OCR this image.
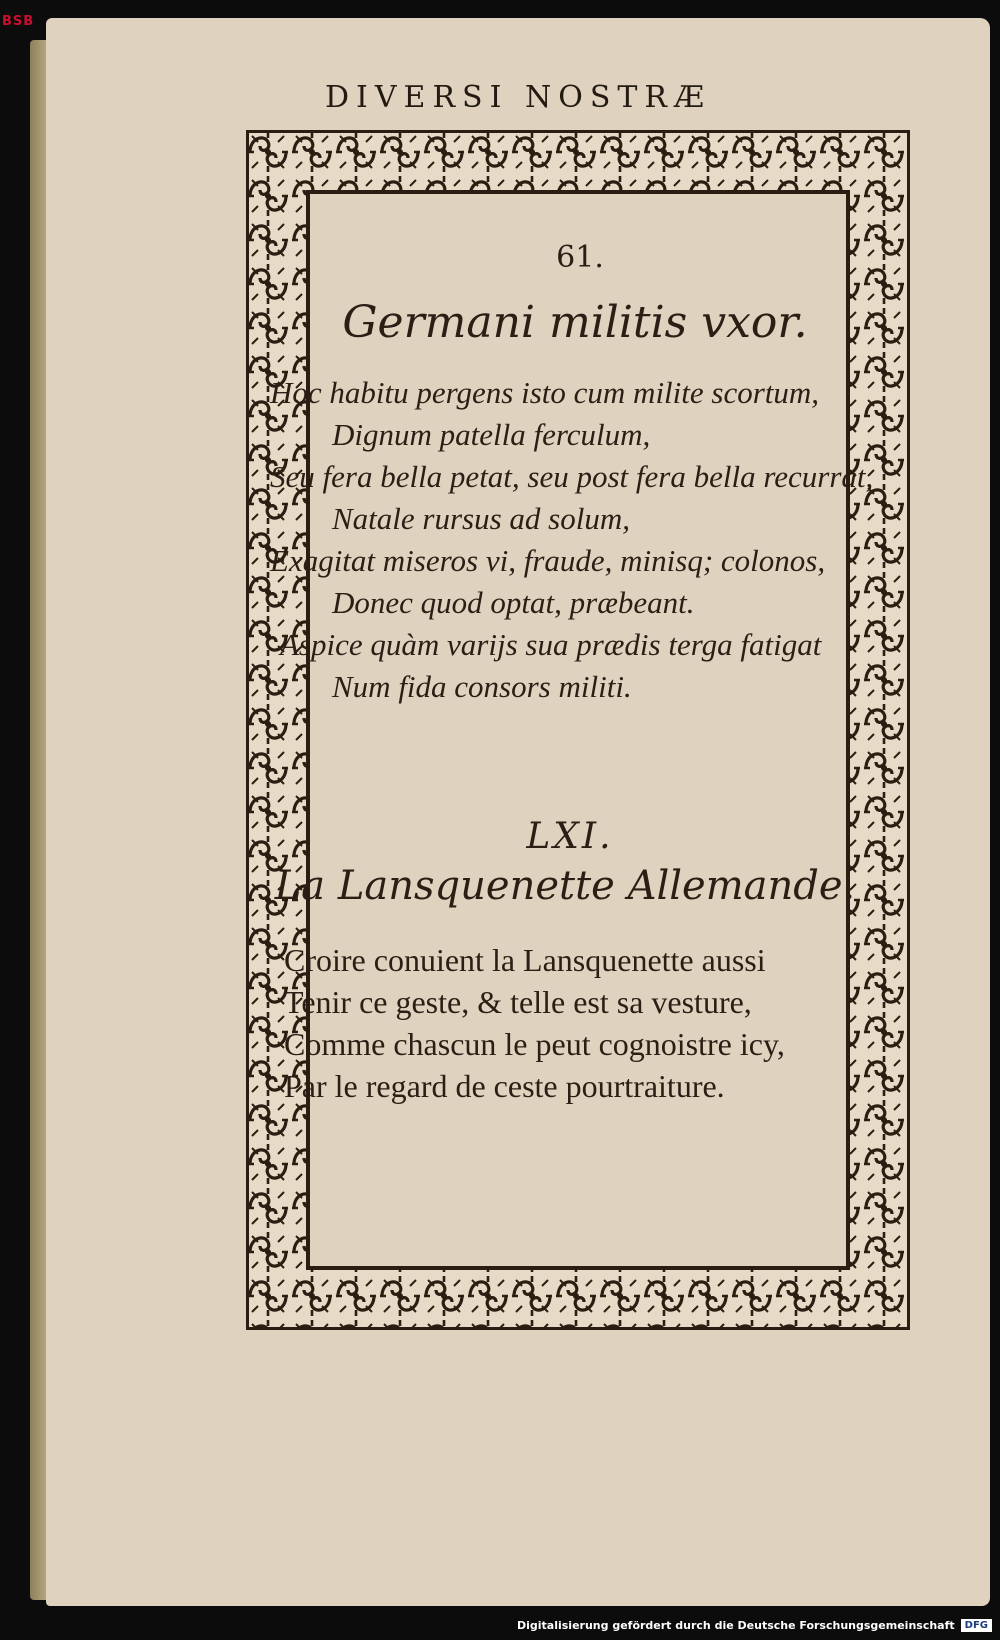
BSB
DIVERSI NOSTRÆ
61.
Germani militis vxor.
Hoc habitu pergens isto cum milite scortum,
Dignum patella ferculum,
Seu fera bella petat, seu post fera bella recurrat,
Natale rursus ad solum,
Exagitat miseros vi, fraude, minisq; colonos,
Donec quod optat, præbeant.
Aspice quàm varijs sua prædis terga fatigat
Num fida consors militi.
LXI.
La Lansquenette Allemande.
Croire conuient la Lansquenette aussi
Tenir ce geste, & telle est sa vesture,
Comme chascun le peut cognoistre icy,
Par le regard de ceste pourtraiture.
Digitalisierung gefördert durch die Deutsche Forschungsgemeinschaft	DFG
